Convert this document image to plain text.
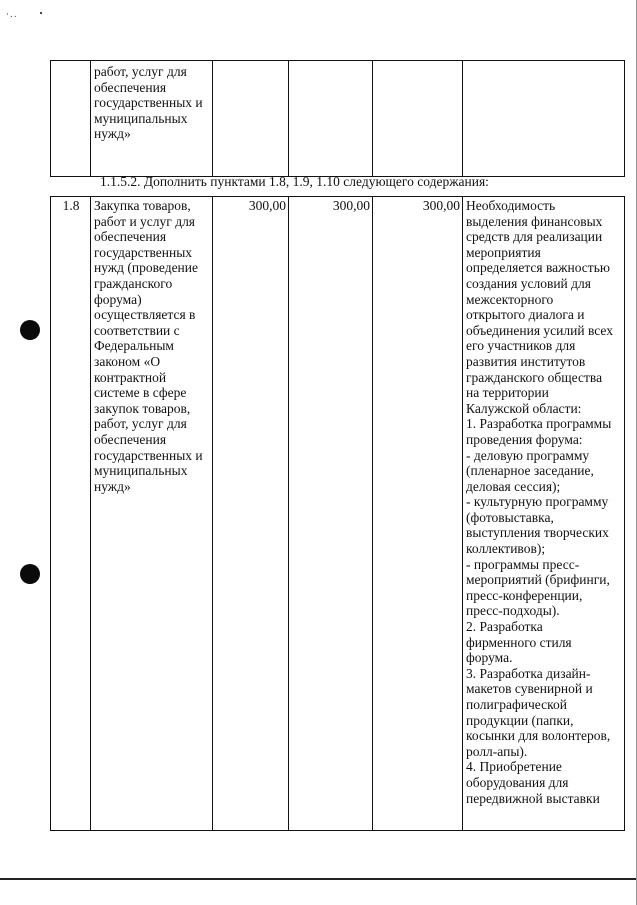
·..
	работ, услуг для
обеспечения
государственных и
муниципальных
нужд»				
1.1.5.2. Дополнить пунктами 1.8, 1.9, 1.10 следующего содержания:
1.8	Закупка товаров,
работ и услуг для
обеспечения
государственных
нужд (проведение
гражданского
форума)
осуществляется в
соответствии с
Федеральным
законом «О
контрактной
системе в сфере
закупок товаров,
работ, услуг для
обеспечения
государственных и
муниципальных
нужд»	300,00	300,00	300,00	Необходимость
выделения финансовых
средств для реализации
мероприятия
определяется важностью
создания условий для
межсекторного
открытого диалога и
объединения усилий всех
его участников для
развития институтов
гражданского общества
на территории
Калужской области:
1. Разработка программы
проведения форума:
- деловую программу
(пленарное заседание,
деловая сессия);
- культурную программу
(фотовыставка,
выступления творческих
коллективов);
- программы пресс-
мероприятий (брифинги,
пресс-конференции,
пресс-подходы).
2. Разработка
фирменного стиля
форума.
3. Разработка дизайн-
макетов сувенирной и
полиграфической
продукции (папки,
косынки для волонтеров,
ролл-апы).
4. Приобретение
оборудования для
передвижной выставки
